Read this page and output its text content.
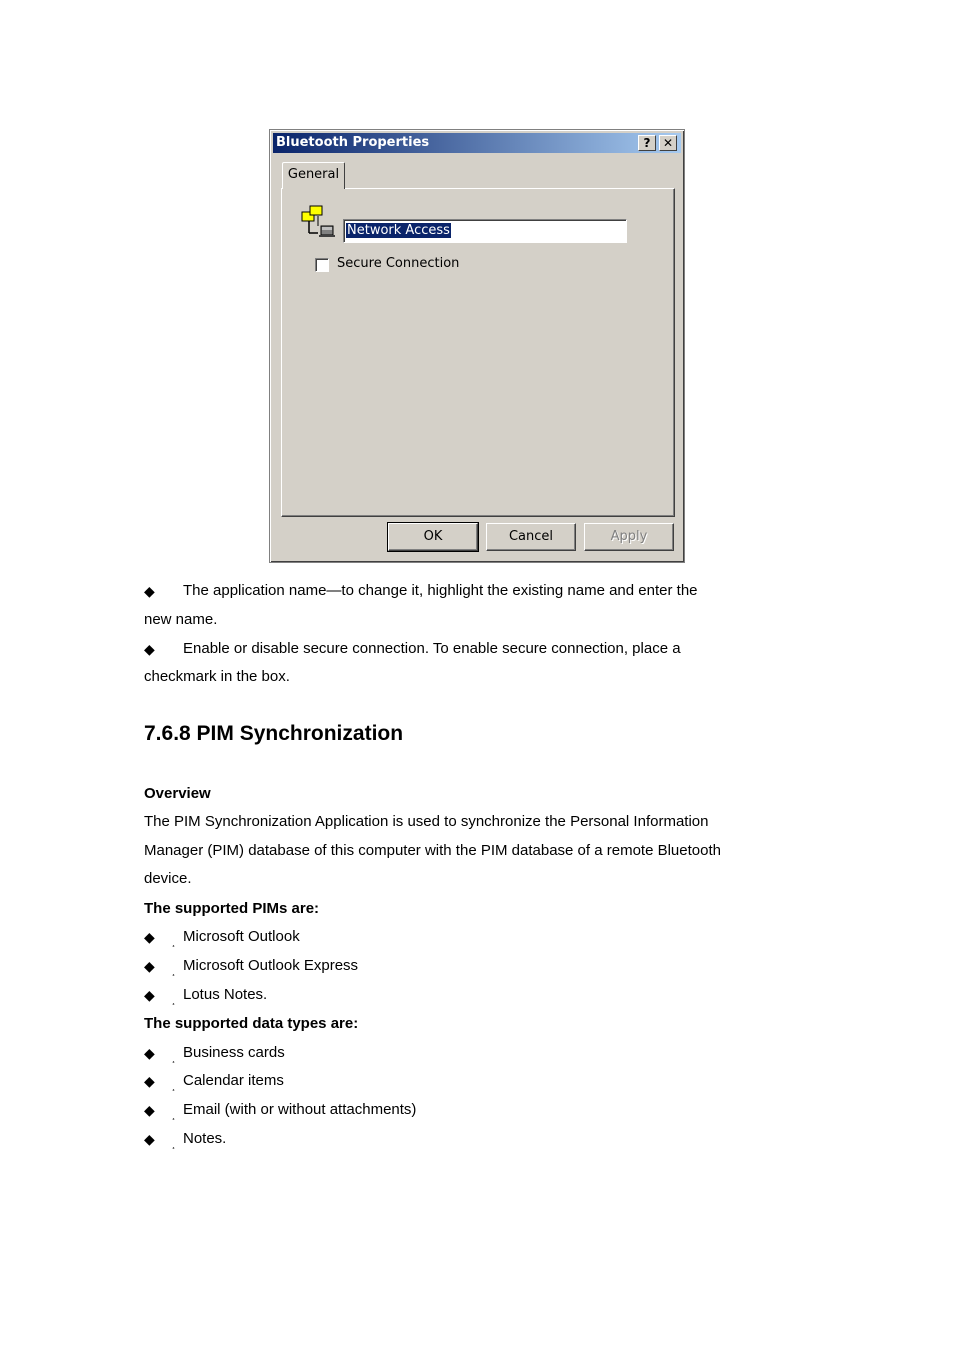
Bluetooth Properties	?	✕
General
Network Access
Secure Connection
OK	Cancel	Apply
◆ The application name—to change it, highlight the existing name and enter the
new name.
◆ Enable or disable secure connection. To enable secure connection, place a
checkmark in the box.
7.6.8 PIM Synchronization
Overview
The PIM Synchronization Application is used to synchronize the Personal Information
Manager (PIM) database of this computer with the PIM database of a remote Bluetooth
device.
The supported PIMs are:
◆ ¸ Microsoft Outlook
◆ ¸ Microsoft Outlook Express
◆ ¸ Lotus Notes.
The supported data types are:
◆ ¸ Business cards
◆ ¸ Calendar items
◆ ¸ Email (with or without attachments)
◆ ¸ Notes.
